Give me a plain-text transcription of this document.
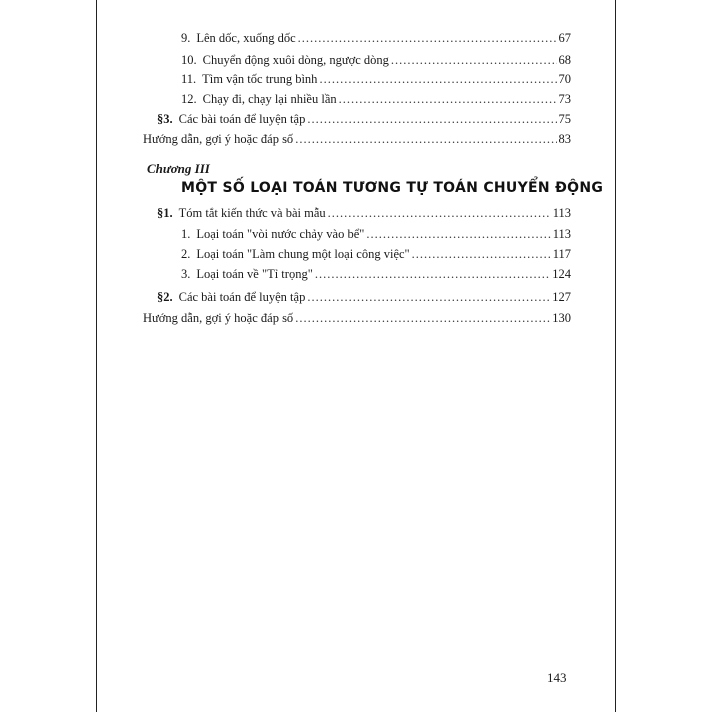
9. Lên dốc, xuống dốc .....	67
10. Chuyển động xuôi dòng, ngược dòng .....	68
11. Tìm vận tốc trung bình .....	70
12. Chạy đi, chạy lại nhiều lần .....	73
§3. Các bài toán để luyện tập .....	75
Hướng dẫn, gợi ý hoặc đáp số .....	83
Chương III
MỘT SỐ LOẠI TOÁN TƯƠNG TỰ TOÁN CHUYỂN ĐỘNG
§1. Tóm tắt kiến thức và bài mẫu .....	113
1. Loại toán "vòi nước chảy vào bể" .....	113
2. Loại toán "Làm chung một loại công việc" .....	117
3. Loại toán về "Tỉ trọng" .....	124
§2. Các bài toán để luyện tập .....	127
Hướng dẫn, gợi ý hoặc đáp số .....	130
143
